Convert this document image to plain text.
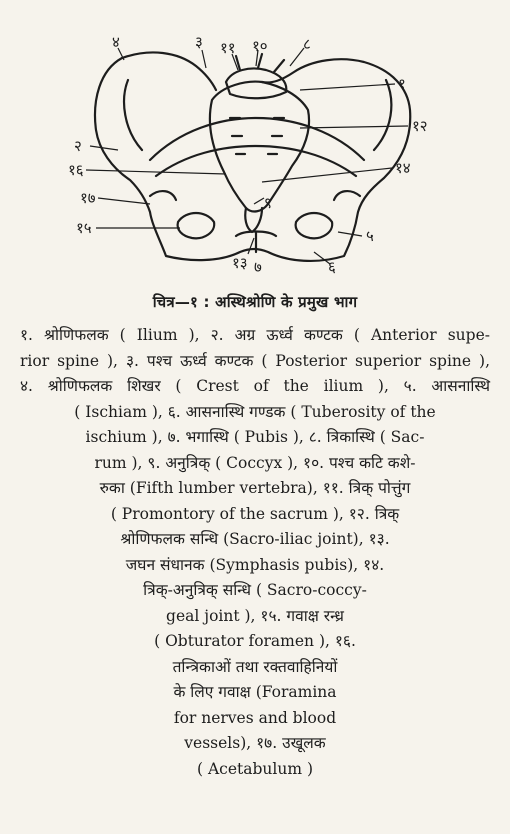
४	३ ११ १० ८
१
१२
२
१६	१४
९
१७
१५	५
६
१३ ७
चित्र—१ : अस्थिश्रोणि के प्रमुख भाग
१. श्रोणिफलक ( Ilium ), २. अग्र ऊर्ध्व कण्टक ( Anterior supe-
rior spine ), ३. पश्च ऊर्ध्व कण्टक ( Posterior superior spine ),
४. श्रोणिफलक शिखर ( Crest of the ilium ), ५. आसनास्थि
( Ischiam ), ६. आसनास्थि गण्डक ( Tuberosity of the
ischium ), ७. भगास्थि ( Pubis ), ८. त्रिकास्थि ( Sac-
rum ), ९. अनुत्रिक् ( Coccyx ), १०. पश्च कटि कशे-
रुका (Fifth lumber vertebra), ११. त्रिक् पोत्तुंग
( Promontory of the sacrum ), १२. त्रिक्
श्रोणिफलक सन्धि (Sacro-iliac joint), १३.
जघन संधानक (Symphasis pubis), १४.
त्रिक्-अनुत्रिक् सन्धि ( Sacro-coccy-
geal joint ), १५. गवाक्ष रन्ध्र
( Obturator foramen ), १६.
तन्त्रिकाओं तथा रक्तवाहिनियों
के लिए गवाक्ष (Foramina
for nerves and blood
vessels), १७. उखूलक
( Acetabulum )
